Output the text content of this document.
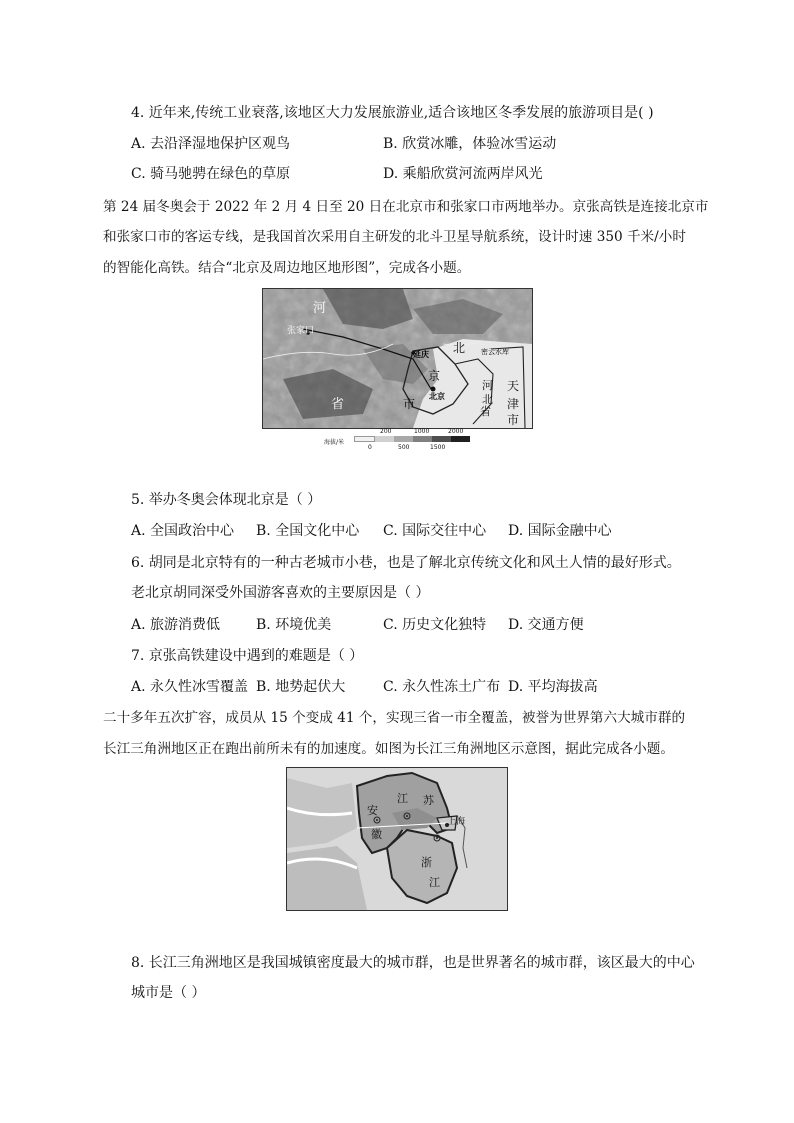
4. 近年来,传统工业衰落,该地区大力发展旅游业,适合该地区冬季发展的旅游项目是( )
A. 去沿泽湿地保护区观鸟	B. 欣赏冰雕，体验冰雪运动
C. 骑马驰骋在绿色的草原	D. 乘船欣赏河流两岸风光
第 24 届冬奥会于 2022 年 2 月 4 日至 20 日在北京市和张家口市两地举办。京张高铁是连接北京市
和张家口市的客运专线，是我国首次采用自主研发的北斗卫星导航系统，设计时速 350 千米/小时
的智能化高铁。结合“北京及周边地区地形图”，完成各小题。
河
张家口
北
延庆	密云水库
京
河
北
省
天
津
市
北京
市
省
海拔/米
200	1000	2000
0	500	1500
5. 举办冬奥会体现北京是（ ）
A. 全国政治中心 B. 全国文化中心 C. 国际交往中心 D. 国际金融中心
6. 胡同是北京特有的一种古老城市小巷，也是了解北京传统文化和风土人情的最好形式。
老北京胡同深受外国游客喜欢的主要原因是（ ）
A. 旅游消费低	B. 环境优美	C. 历史文化独特 D. 交通方便
7. 京张高铁建设中遇到的难题是（ ）
A. 永久性冰雪覆盖 B. 地势起伏大	C. 永久性冻土广布 D. 平均海拔高
二十多年五次扩容，成员从 15 个变成 41 个，实现三省一市全覆盖，被誉为世界第六大城市群的
长江三角洲地区正在跑出前所未有的加速度。如图为长江三角洲地区示意图，据此完成各小题。
安
徽
江 苏
上海
浙
江
8. 长江三角洲地区是我国城镇密度最大的城市群，也是世界著名的城市群，该区最大的中心
城市是（ ）
